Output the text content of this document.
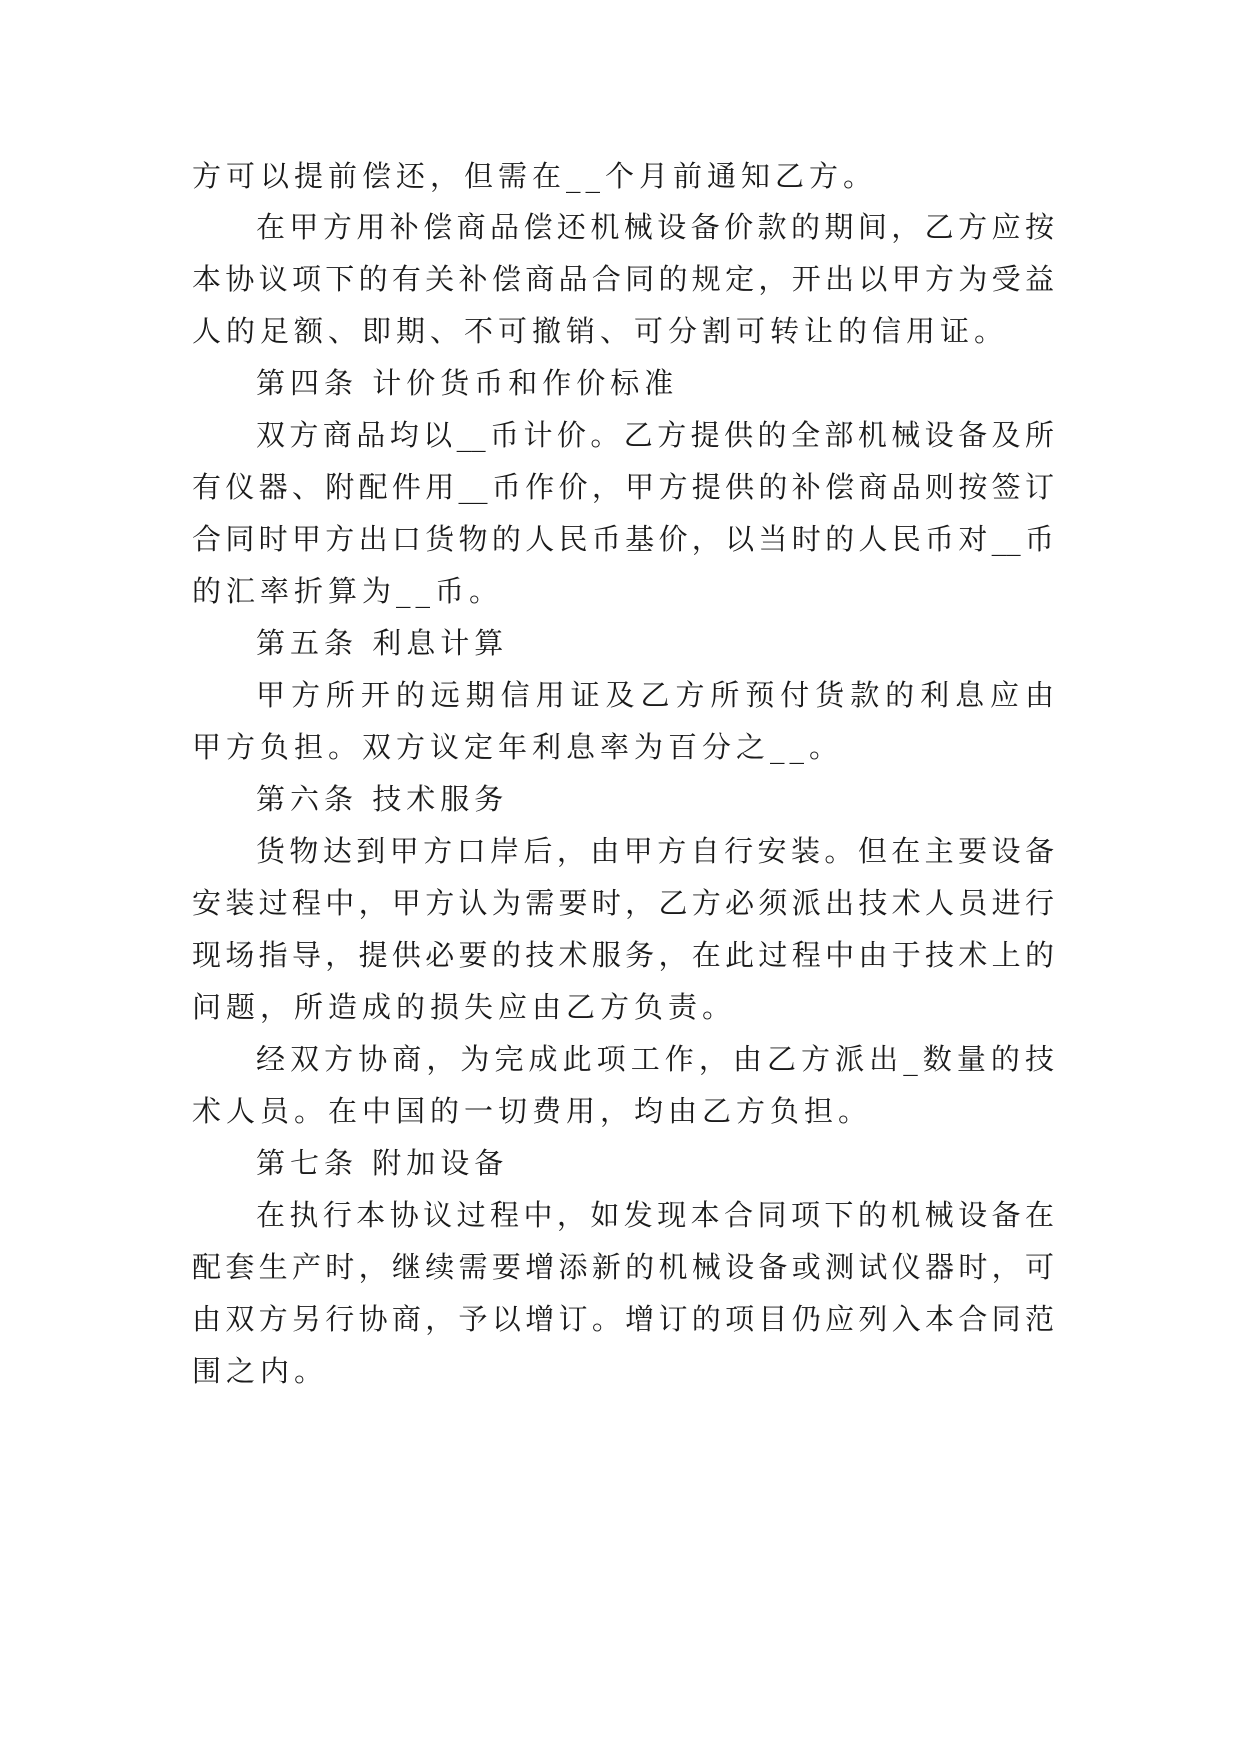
方可以提前偿还，但需在__个月前通知乙方。
在甲方用补偿商品偿还机械设备价款的期间，乙方应按
本协议项下的有关补偿商品合同的规定，开出以甲方为受益
人的足额、即期、不可撤销、可分割可转让的信用证。
第四条 计价货币和作价标准
双方商品均以__币计价。乙方提供的全部机械设备及所
有仪器、附配件用__币作价，甲方提供的补偿商品则按签订
合同时甲方出口货物的人民币基价，以当时的人民币对__币
的汇率折算为__币。
第五条 利息计算
甲方所开的远期信用证及乙方所预付货款的利息应由
甲方负担。双方议定年利息率为百分之__。
第六条 技术服务
货物达到甲方口岸后，由甲方自行安装。但在主要设备
安装过程中，甲方认为需要时，乙方必须派出技术人员进行
现场指导，提供必要的技术服务，在此过程中由于技术上的
问题，所造成的损失应由乙方负责。
经双方协商，为完成此项工作，由乙方派出_数量的技
术人员。在中国的一切费用，均由乙方负担。
第七条 附加设备
在执行本协议过程中，如发现本合同项下的机械设备在
配套生产时，继续需要增添新的机械设备或测试仪器时，可
由双方另行协商，予以增订。增订的项目仍应列入本合同范
围之内。
